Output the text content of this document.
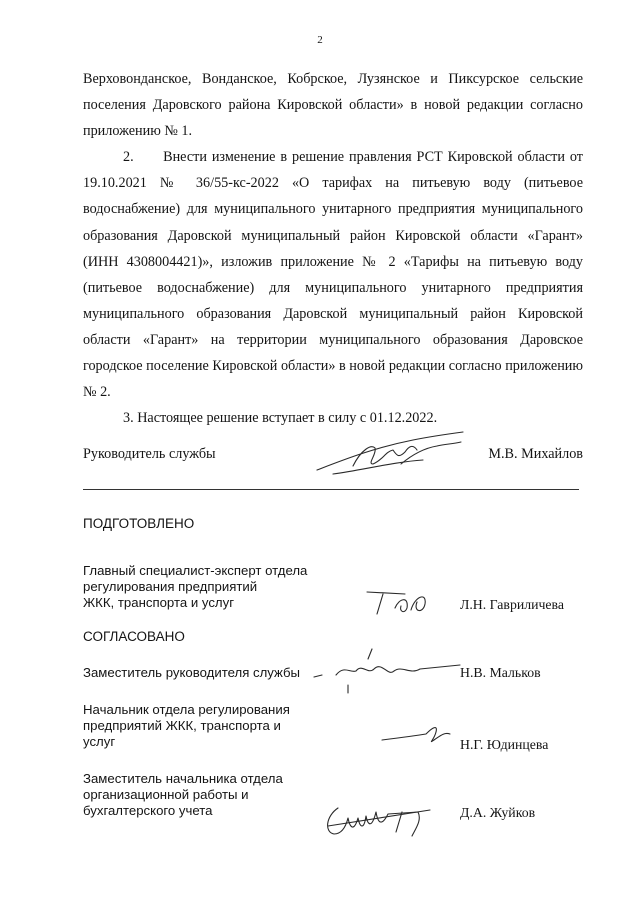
2

Верховонданское, Вонданское, Кобрское, Лузянское и Пиксурское сельские поселения Даровского района Кировской области» в новой редакции согласно приложению № 1.

2.      Внести изменение в решение правления РСТ Кировской области от 19.10.2021 № 36/55-кс-2022 «О тарифах на питьевую воду (питьевое водоснабжение) для муниципального унитарного предприятия муниципального образования Даровской муниципальный район Кировской области «Гарант» (ИНН 4308004421)», изложив приложение № 2 «Тарифы на питьевую воду (питьевое водоснабжение) для муниципального унитарного предприятия муниципального образования Даровской муниципальный район Кировской области «Гарант» на территории муниципального образования Даровское городское поселение Кировской области» в новой редакции согласно приложению № 2.

3. Настоящее решение вступает в силу с 01.12.2022.

Руководитель службы	М.В. Михайлов
ПОДГОТОВЛЕНО
Главный специалист-эксперт отдела
регулирования предприятий
ЖКК, транспорта и услуг	Л.Н. Гавриличева
СОГЛАСОВАНО
Заместитель руководителя службы	Н.В. Мальков
Начальник отдела регулирования
предприятий ЖКК, транспорта и
услуг	Н.Г. Юдинцева
Заместитель начальника отдела
организационной работы и
бухгалтерского учета	Д.А. Жуйков
